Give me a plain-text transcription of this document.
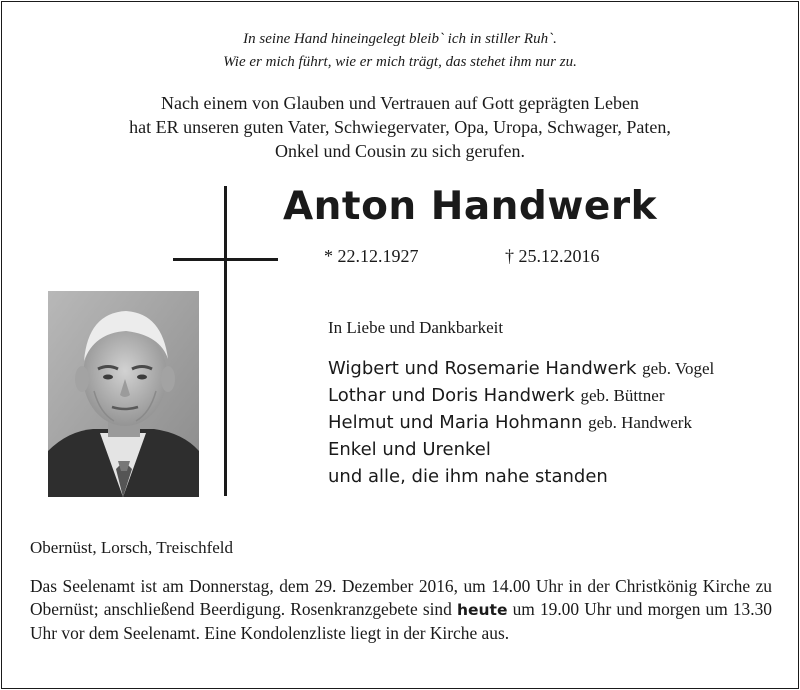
In seine Hand hineingelegt bleib` ich in stiller Ruh`.
Wie er mich führt, wie er mich trägt, das stehet ihm nur zu.
Nach einem von Glauben und Vertrauen auf Gott geprägten Leben
hat ER unseren guten Vater, Schwiegervater, Opa, Uropa, Schwager, Paten,
Onkel und Cousin zu sich gerufen.
Anton Handwerk
* 22.12.1927	† 25.12.2016
In Liebe und Dankbarkeit
Wigbert und Rosemarie Handwerk geb. Vogel
Lothar und Doris Handwerk geb. Büttner
Helmut und Maria Hohmann geb. Handwerk
Enkel und Urenkel
und alle, die ihm nahe standen
Obernüst, Lorsch, Treischfeld
Das Seelenamt ist am Donnerstag, dem 29. Dezember 2016, um 14.00 Uhr in der Christkönig Kirche zu Obernüst; anschließend Beerdigung. Rosenkranzgebete sind heute um 19.00 Uhr und morgen um 13.30 Uhr vor dem Seelenamt. Eine Kondolenzliste liegt in der Kirche aus.
